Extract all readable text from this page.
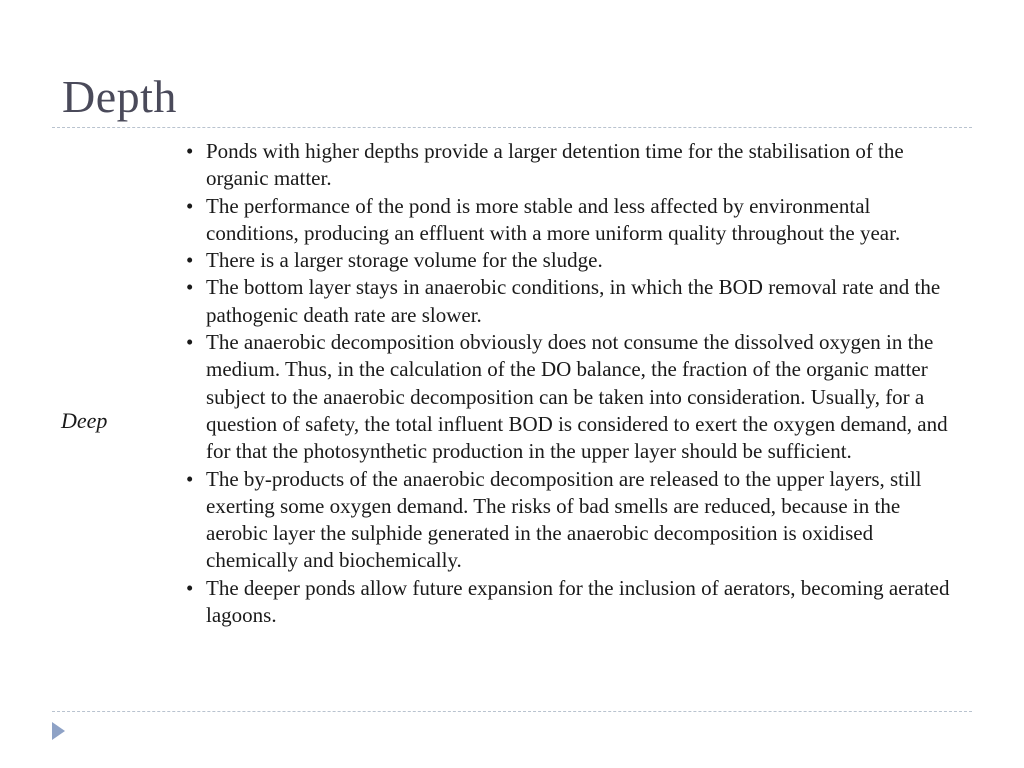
Depth
Deep
• Ponds with higher depths provide a larger detention time for the stabilisation of the organic matter.
• The performance of the pond is more stable and less affected by environmental conditions, producing an effluent with a more uniform quality throughout the year.
• There is a larger storage volume for the sludge.
• The bottom layer stays in anaerobic conditions, in which the BOD removal rate and the pathogenic death rate are slower.
• The anaerobic decomposition obviously does not consume the dissolved oxygen in the medium. Thus, in the calculation of the DO balance, the fraction of the organic matter subject to the anaerobic decomposition can be taken into consideration. Usually, for a question of safety, the total influent BOD is considered to exert the oxygen demand, and for that the photosynthetic production in the upper layer should be sufficient.
• The by-products of the anaerobic decomposition are released to the upper layers, still exerting some oxygen demand. The risks of bad smells are reduced, because in the aerobic layer the sulphide generated in the anaerobic decomposition is oxidised chemically and biochemically.
• The deeper ponds allow future expansion for the inclusion of aerators, becoming aerated lagoons.
